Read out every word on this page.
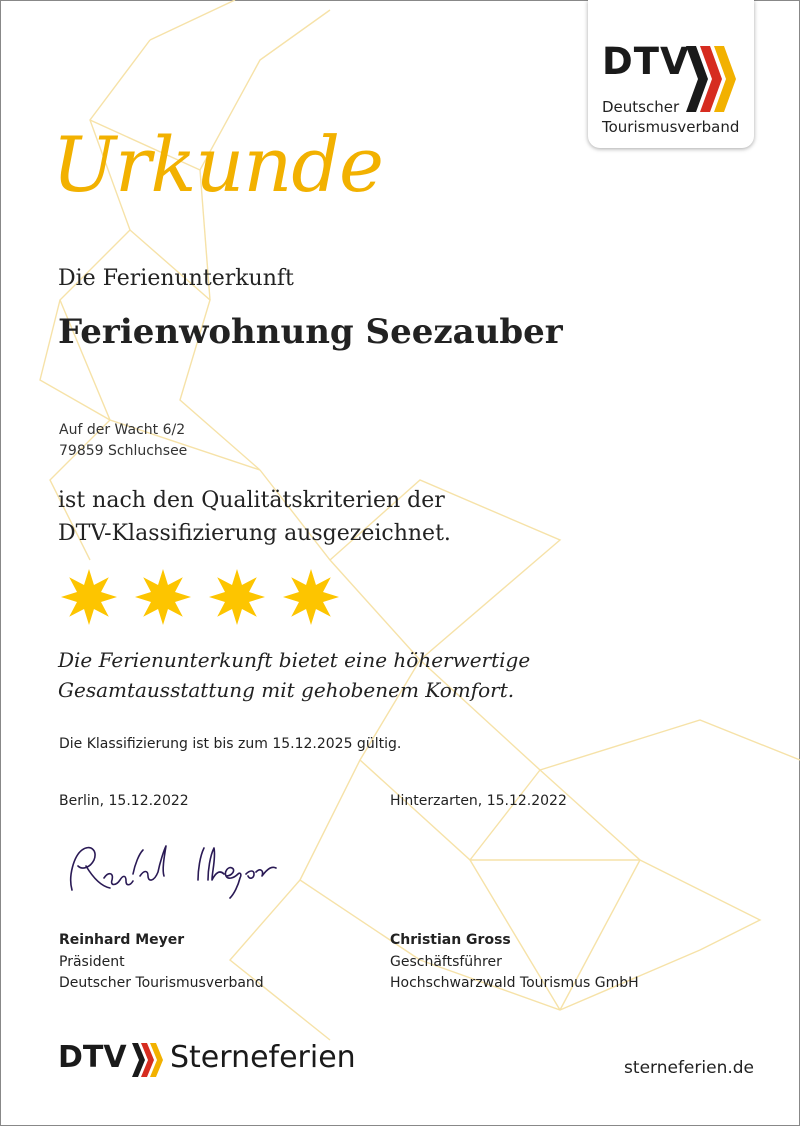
DTV
Deutscher
Tourismusverband
Urkunde
Die Ferienunterkunft
Ferienwohnung Seezauber
Auf der Wacht 6/2
79859 Schluchsee
ist nach den Qualitätskriterien der
DTV-Klassifizierung ausgezeichnet.
Die Ferienunterkunft bietet eine höherwertige
Gesamtausstattung mit gehobenem Komfort.
Die Klassifizierung ist bis zum 15.12.2025 gültig.
Berlin, 15.12.2022	Hinterzarten, 15.12.2022
Reinhard Meyer
Präsident
Deutscher Tourismusverband
Christian Gross
Geschäftsführer
Hochschwarzwald Tourismus GmbH
DTV Sterneferien	sterneferien.de
